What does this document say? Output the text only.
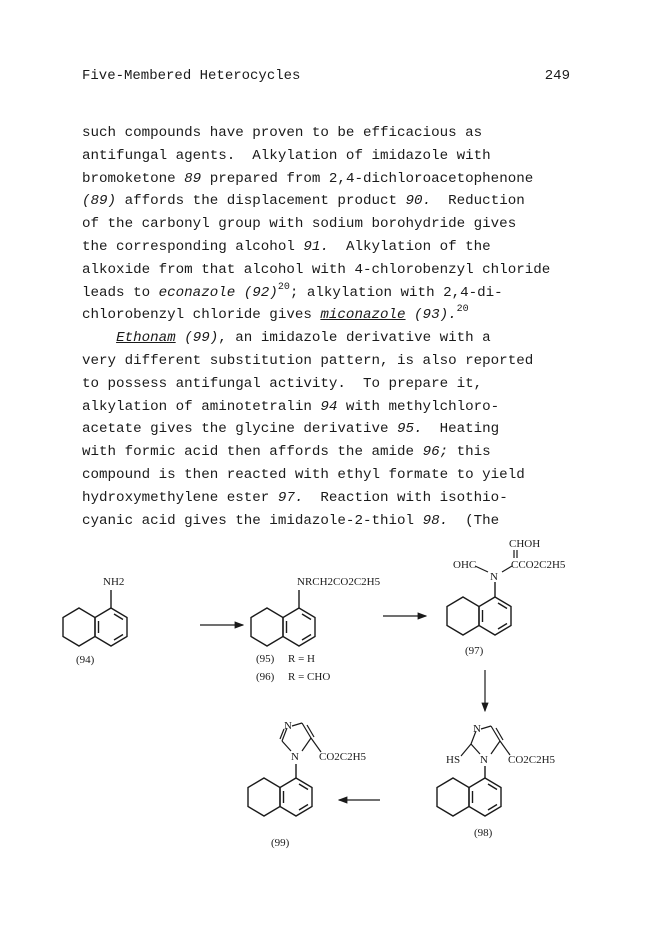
Five-Membered Heterocycles	249
such compounds have proven to be efficacious as
antifungal agents.  Alkylation of imidazole with
bromoketone 89 prepared from 2,4-dichloroacetophenone
(89) affords the displacement product 90.  Reduction
of the carbonyl group with sodium borohydride gives
the corresponding alcohol 91.  Alkylation of the
alkoxide from that alcohol with 4-chlorobenzyl chloride
leads to econazole $(92)^{20}$; alkylation with 2,4-di-
chlorobenzyl chloride gives miconazole (93).$^{20}$
Ethonam (99), an imidazole derivative with a
very different substitution pattern, is also reported
to possess antifungal activity.  To prepare it,
alkylation of aminotetralin 94 with methylchloro-
acetate gives the glycine derivative 95.  Heating
with formic acid then affords the amide 96; this
compound is then reacted with ethyl formate to yield
hydroxymethylene ester 97.  Reaction with isothio-
cyanic acid gives the imidazole-2-thiol 98.  (The
NH2
(94)
NRCH2CO2C2H5
(95) R = H
(96) R = CHO
N
OHC	CCO2C2H5
CHOH
(97)
N
N
HS	CO2C2H5
(98)
N
N CO2C2H5
(99)
